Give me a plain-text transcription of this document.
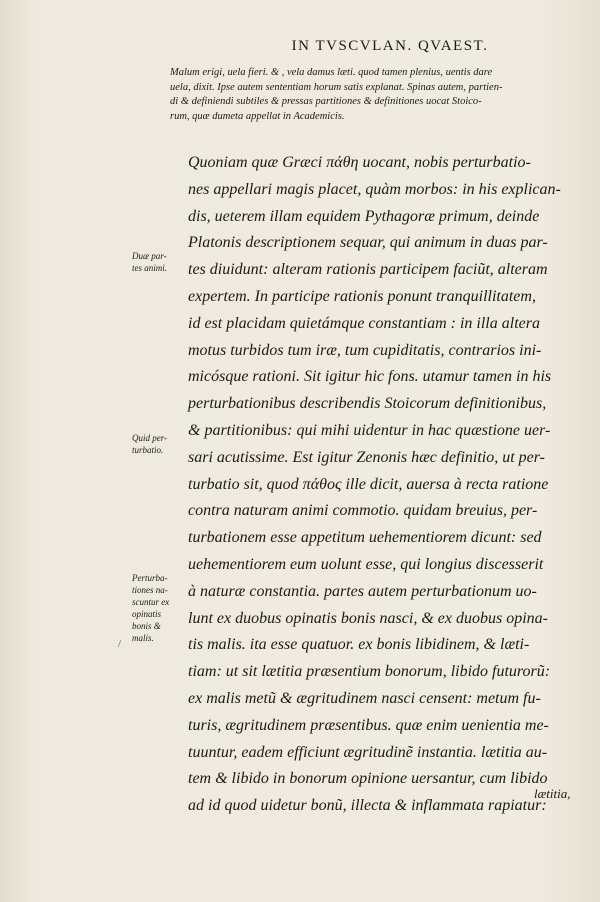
IN TVSCVLAN. QVAEST.
Malum erigi, uela fieri. & , vela damus læti. quod tamen plenius, uentis dare
uela, dixit. Ipse autem sententiam horum satis explanat. Spinas autem, partien-
di & definiendi subtiles & pressas partitiones & definitiones uocat Stoico-
rum, quæ dumeta appellat in Academicis.
Quoniam quæ Græci πάθη uocant, nobis perturbatio-
nes appellari magis placet, quàm morbos: in his explican-
dis, ueterem illam equidem Pythagoræ primum, deinde
Platonis descriptionem sequar, qui animum in duas par-
tes diuidunt: alteram rationis participem faciũt, alteram
expertem. In participe rationis ponunt tranquillitatem,
id est placidam quietámque constantiam : in illa altera
motus turbidos tum iræ, tum cupiditatis, contrarios ini-
micósque rationi. Sit igitur hic fons. utamur tamen in his
perturbationibus describendis Stoicorum definitionibus,
& partitionibus: qui mihi uidentur in hac quæstione uer-
sari acutissime. Est igitur Zenonis hæc definitio, ut per-
turbatio sit, quod πάθος ille dicit, auersa à recta ratione
contra naturam animi commotio. quidam breuius, per-
turbationem esse appetitum uehementiorem dicunt: sed
uehementiorem eum uolunt esse, qui longius discesserit
à naturæ constantia. partes autem perturbationum uo-
lunt ex duobus opinatis bonis nasci, & ex duobus opina-
tis malis. ita esse quatuor. ex bonis libidinem, & læti-
tiam: ut sit lætitia præsentium bonorum, libido futurorũ:
ex malis metũ & ægritudinem nasci censent: metum fu-
turis, ægritudinem præsentibus. quæ enim uenientia me-
tuuntur, eadem efficiunt ægritudinẽ instantia. lætitia au-
tem & libido in bonorum opinione uersantur, cum libido
ad id quod uidetur bonũ, illecta & inflammata rapiatur:
Duæ par-
tes animi.
Quid per-
turbatio.
Perturba-
tiones na-
scuntur ex
opinatis
bonis &
malis.
/
lætitia,
